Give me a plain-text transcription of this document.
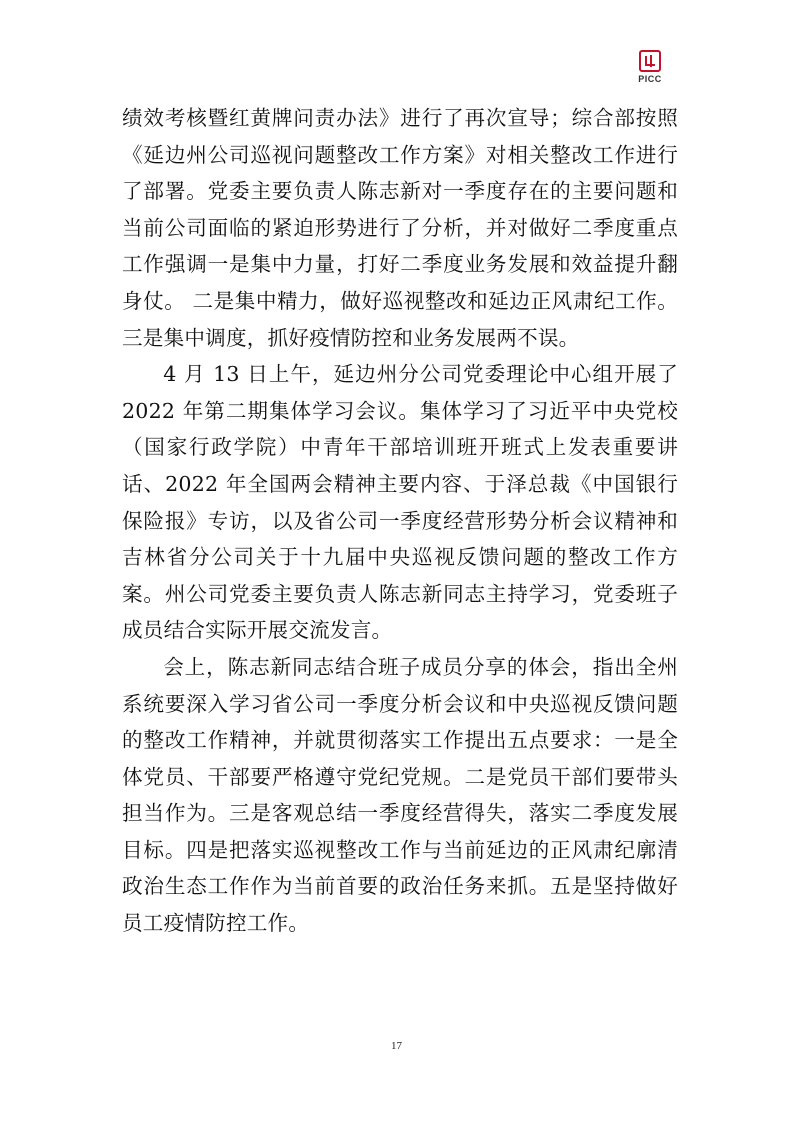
PICC

绩效考核暨红黄牌问责办法》进行了再次宣导；综合部按照《延边州公司巡视问题整改工作方案》对相关整改工作进行了部署。党委主要负责人陈志新对一季度存在的主要问题和当前公司面临的紧迫形势进行了分析，并对做好二季度重点工作强调一是集中力量，打好二季度业务发展和效益提升翻身仗。 二是集中精力，做好巡视整改和延边正风肃纪工作。三是集中调度，抓好疫情防控和业务发展两不误。

4 月 13 日上午，延边州分公司党委理论中心组开展了2022 年第二期集体学习会议。集体学习了习近平中央党校（国家行政学院）中青年干部培训班开班式上发表重要讲话、2022 年全国两会精神主要内容、于泽总裁《中国银行保险报》专访，以及省公司一季度经营形势分析会议精神和吉林省分公司关于十九届中央巡视反馈问题的整改工作方案。州公司党委主要负责人陈志新同志主持学习，党委班子成员结合实际开展交流发言。

会上，陈志新同志结合班子成员分享的体会，指出全州系统要深入学习省公司一季度分析会议和中央巡视反馈问题的整改工作精神，并就贯彻落实工作提出五点要求：一是全体党员、干部要严格遵守党纪党规。二是党员干部们要带头担当作为。三是客观总结一季度经营得失，落实二季度发展目标。四是把落实巡视整改工作与当前延边的正风肃纪廓清政治生态工作作为当前首要的政治任务来抓。五是坚持做好员工疫情防控工作。

17
